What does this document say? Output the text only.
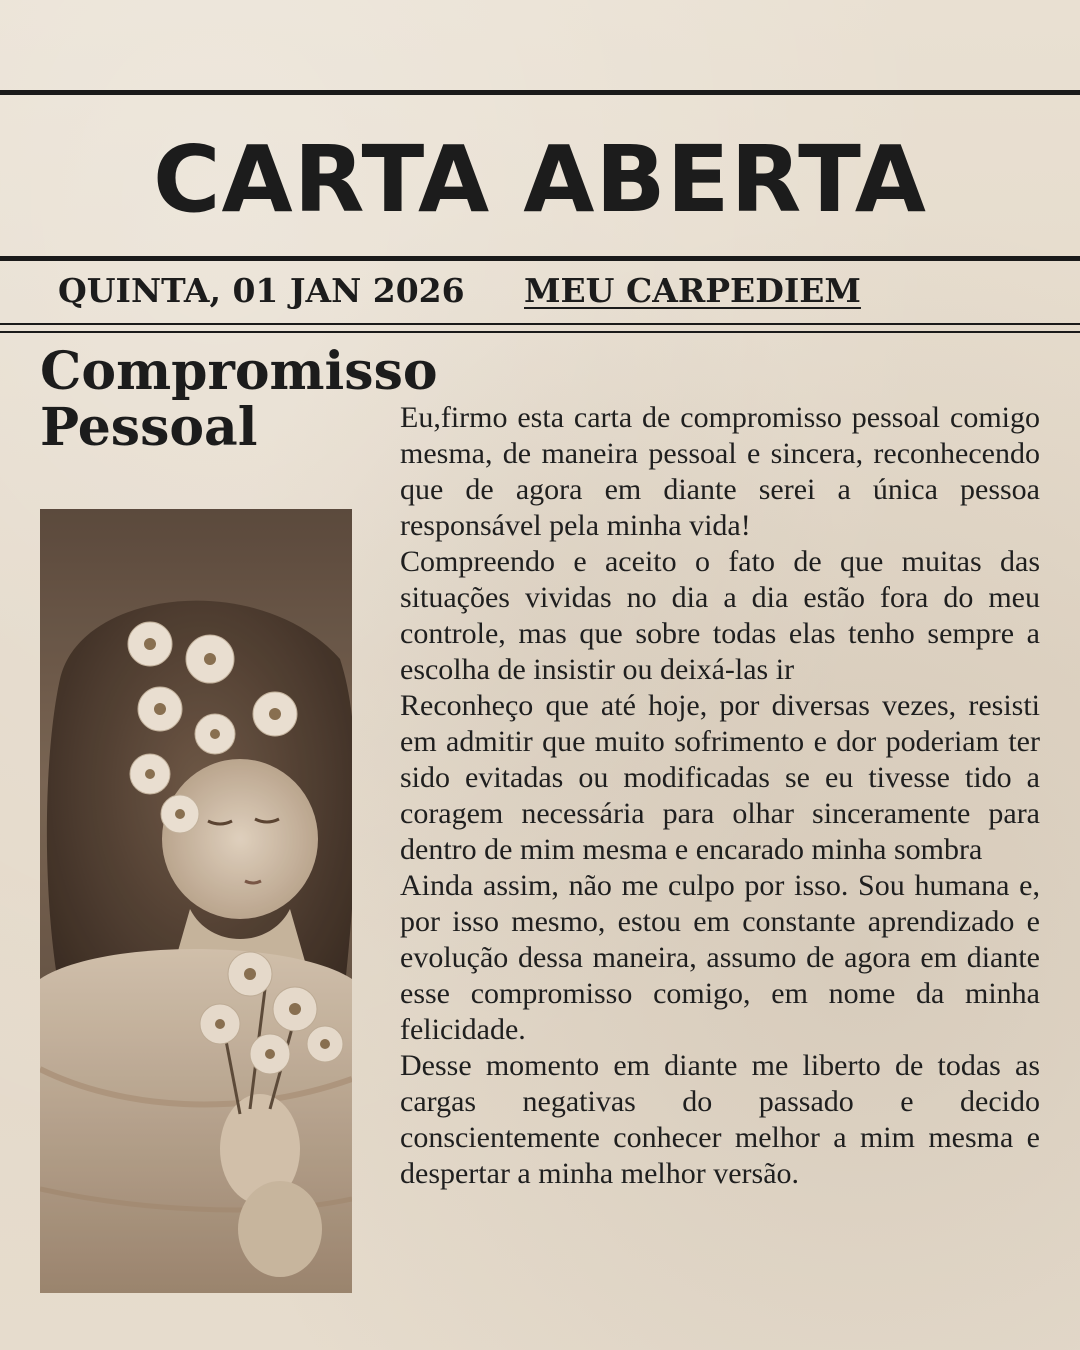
CARTA ABERTA
QUINTA, 01 JAN 2026 MEU CARPEDIEM
Compromisso
Pessoal	Eu,firmo esta carta de compromisso pessoal comigo mesma, de maneira pessoal e sincera, reconhecendo que de agora em diante serei a única pessoa responsável pela minha vida!

Compreendo e aceito o fato de que muitas das situações vividas no dia a dia estão fora do meu controle, mas que sobre todas elas tenho sempre a escolha de insistir ou deixá-las ir

Reconheço que até hoje, por diversas vezes, resisti em admitir que muito sofrimento e dor poderiam ter sido evitadas ou modificadas se eu tivesse tido a coragem necessária para olhar sinceramente para dentro de mim mesma e encarado minha sombra

Ainda assim, não me culpo por isso. Sou humana e, por isso mesmo, estou em constante aprendizado e evolução dessa maneira, assumo de agora em diante esse compromisso comigo, em nome da minha felicidade.

Desse momento em diante me liberto de todas as cargas negativas do passado e decido conscientemente conhecer melhor a mim mesma e despertar a minha melhor versão.
